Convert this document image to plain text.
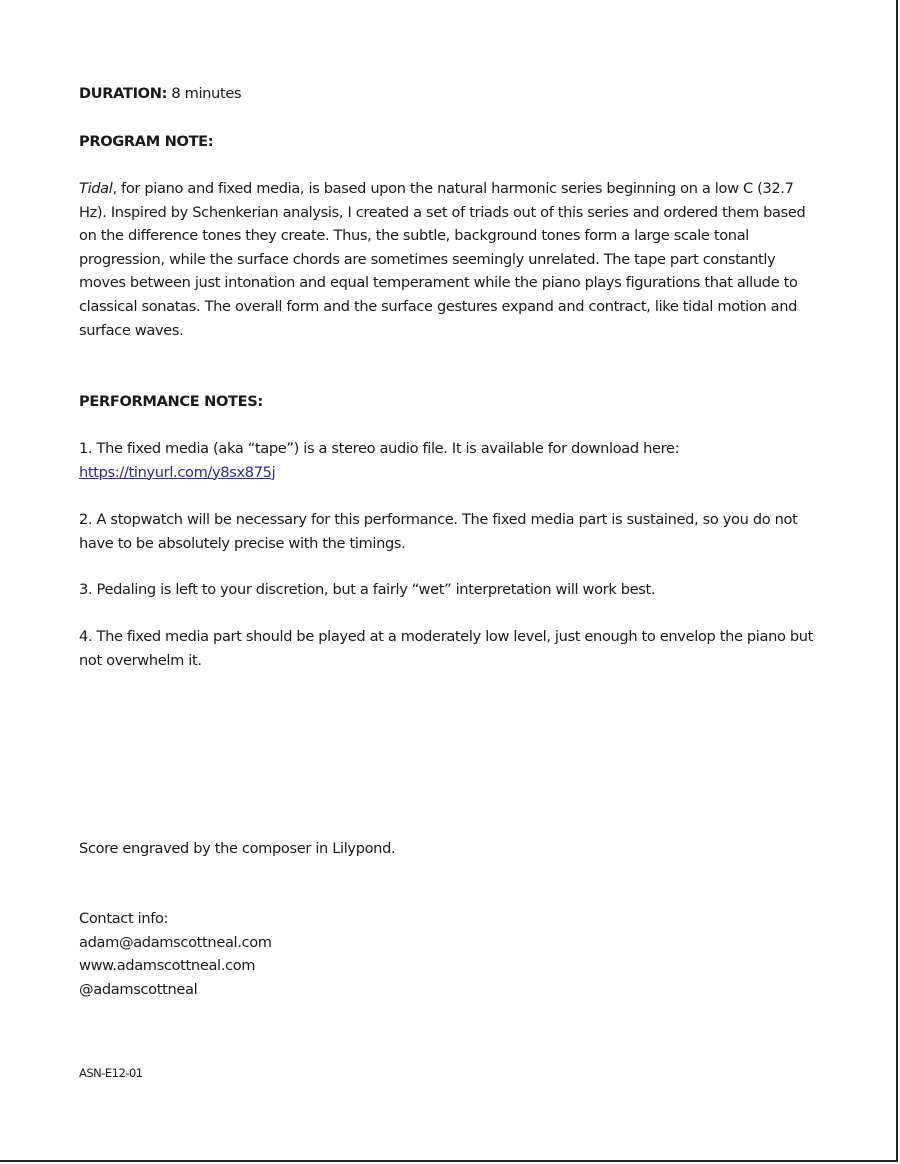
DURATION: 8 minutes
PROGRAM NOTE:

Tidal, for piano and fixed media, is based upon the natural harmonic series beginning on a low C (32.7 Hz). Inspired by Schenkerian analysis, I created a set of triads out of this series and ordered them based on the difference tones they create. Thus, the subtle, background tones form a large scale tonal progression, while the surface chords are sometimes seemingly unrelated. The tape part constantly moves between just intonation and equal temperament while the piano plays figurations that allude to classical sonatas. The overall form and the surface gestures expand and contract, like tidal motion and surface waves.

PERFORMANCE NOTES:

1. The fixed media (aka “tape”) is a stereo audio file. It is available for download here:

https://tinyurl.com/y8sx875j

2. A stopwatch will be necessary for this performance. The fixed media part is sustained, so you do not have to be absolutely precise with the timings.

3. Pedaling is left to your discretion, but a fairly “wet” interpretation will work best.

4. The fixed media part should be played at a moderately low level, just enough to envelop the piano but not overwhelm it.

Score engraved by the composer in Lilypond.

Contact info:
adam@adamscottneal.com
www.adamscottneal.com
@adamscottneal
ASN-E12-01
